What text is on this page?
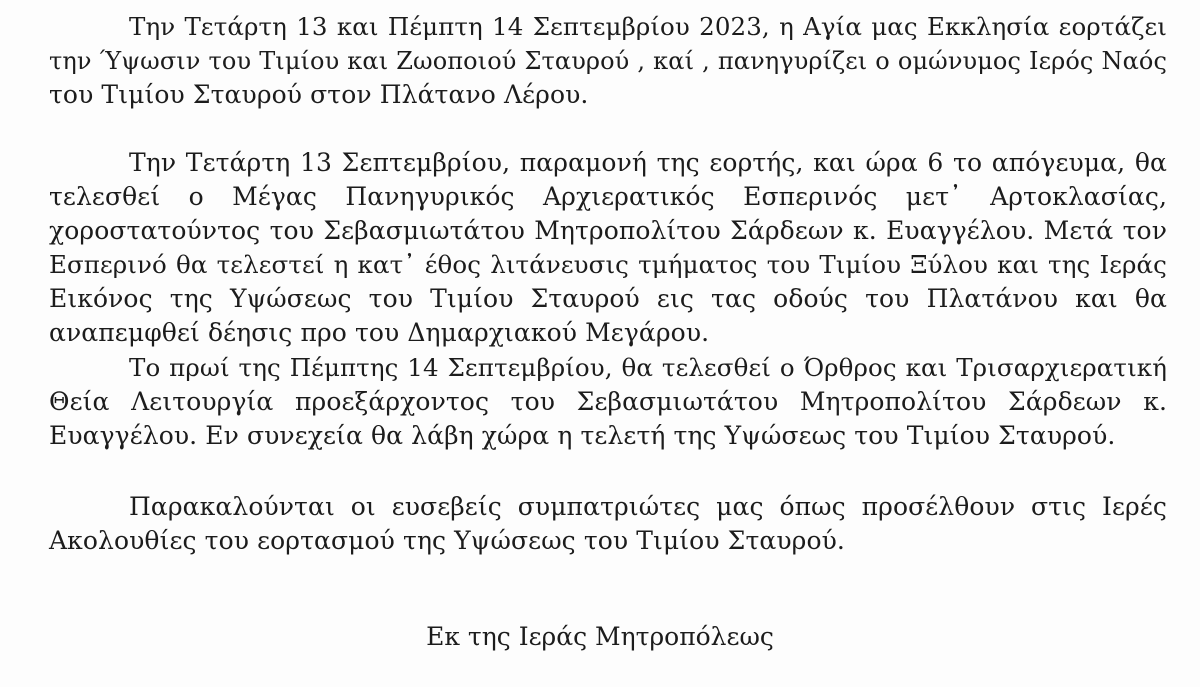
Την Τετάρτη 13 και Πέμπτη 14 Σεπτεμβρίου 2023, η Αγία μας Εκκλησία εορτάζει
την Ύψωσιν του Τιμίου και Ζωοποιού Σταυρού , καί , πανηγυρίζει ο ομώνυμος Ιερός Ναός
του Τιμίου Σταυρού στον Πλάτανο Λέρου.

Την Τετάρτη 13 Σεπτεμβρίου, παραμονή της εορτής, και ώρα 6 το απόγευμα, θα
τελεσθεί ο Μέγας Πανηγυρικός Αρχιερατικός Εσπερινός μετ᾽ Αρτοκλασίας,
χοροστατούντος του Σεβασμιωτάτου Μητροπολίτου Σάρδεων κ. Ευαγγέλου. Μετά τον
Εσπερινό θα τελεστεί η κατ᾽ έθος λιτάνευσις τμήματος του Τιμίου Ξύλου και της Ιεράς
Εικόνος της Υψώσεως του Τιμίου Σταυρού εις τας οδούς του Πλατάνου και θα
αναπεμφθεί δέησις προ του Δημαρχιακού Μεγάρου.

Το πρωί της Πέμπτης 14 Σεπτεμβρίου, θα τελεσθεί ο Όρθρος και Τρισαρχιερατική
Θεία Λειτουργία προεξάρχοντος του Σεβασμιωτάτου Μητροπολίτου Σάρδεων κ.
Ευαγγέλου. Εν συνεχεία θα λάβη χώρα η τελετή της Υψώσεως του Τιμίου Σταυρού.

Παρακαλούνται οι ευσεβείς συμπατριώτες μας όπως προσέλθουν στις Ιερές
Ακολουθίες του εορτασμού της Υψώσεως του Τιμίου Σταυρού.

Εκ της Ιεράς Μητροπόλεως
